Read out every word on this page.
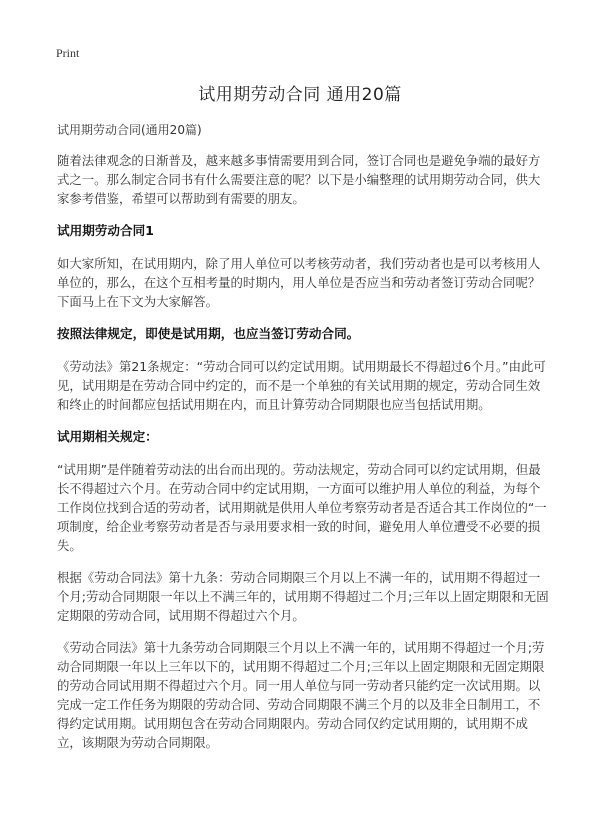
Print
试用期劳动合同 通用20篇

试用期劳动合同(通用20篇)

随着法律观念的日渐普及，越来越多事情需要用到合同，签订合同也是避免争端的最好方式之一。那么制定合同书有什么需要注意的呢？以下是小编整理的试用期劳动合同，供大家参考借鉴，希望可以帮助到有需要的朋友。

试用期劳动合同1

如大家所知，在试用期内，除了用人单位可以考核劳动者，我们劳动者也是可以考核用人单位的，那么，在这个互相考量的时期内，用人单位是否应当和劳动者签订劳动合同呢？下面马上在下文为大家解答。

按照法律规定，即使是试用期，也应当签订劳动合同。

《劳动法》第21条规定：“劳动合同可以约定试用期。试用期最长不得超过6个月。”由此可见，试用期是在劳动合同中约定的，而不是一个单独的有关试用期的规定，劳动合同生效和终止的时间都应包括试用期在内，而且计算劳动合同期限也应当包括试用期。

试用期相关规定：

“试用期”是伴随着劳动法的出台而出现的。劳动法规定，劳动合同可以约定试用期，但最长不得超过六个月。在劳动合同中约定试用期，一方面可以维护用人单位的利益，为每个工作岗位找到合适的劳动者，试用期就是供用人单位考察劳动者是否适合其工作岗位的“一项制度，给企业考察劳动者是否与录用要求相一致的时间，避免用人单位遭受不必要的损失。

根据《劳动合同法》第十九条：劳动合同期限三个月以上不满一年的，试用期不得超过一个月;劳动合同期限一年以上不满三年的，试用期不得超过二个月;三年以上固定期限和无固定期限的劳动合同，试用期不得超过六个月。

《劳动合同法》第十九条劳动合同期限三个月以上不满一年的，试用期不得超过一个月;劳动合同期限一年以上三年以下的，试用期不得超过二个月;三年以上固定期限和无固定期限的劳动合同试用期不得超过六个月。同一用人单位与同一劳动者只能约定一次试用期。以完成一定工作任务为期限的劳动合同、劳动合同期限不满三个月的以及非全日制用工，不得约定试用期。试用期包含在劳动合同期限内。劳动合同仅约定试用期的，试用期不成立，该期限为劳动合同期限。
